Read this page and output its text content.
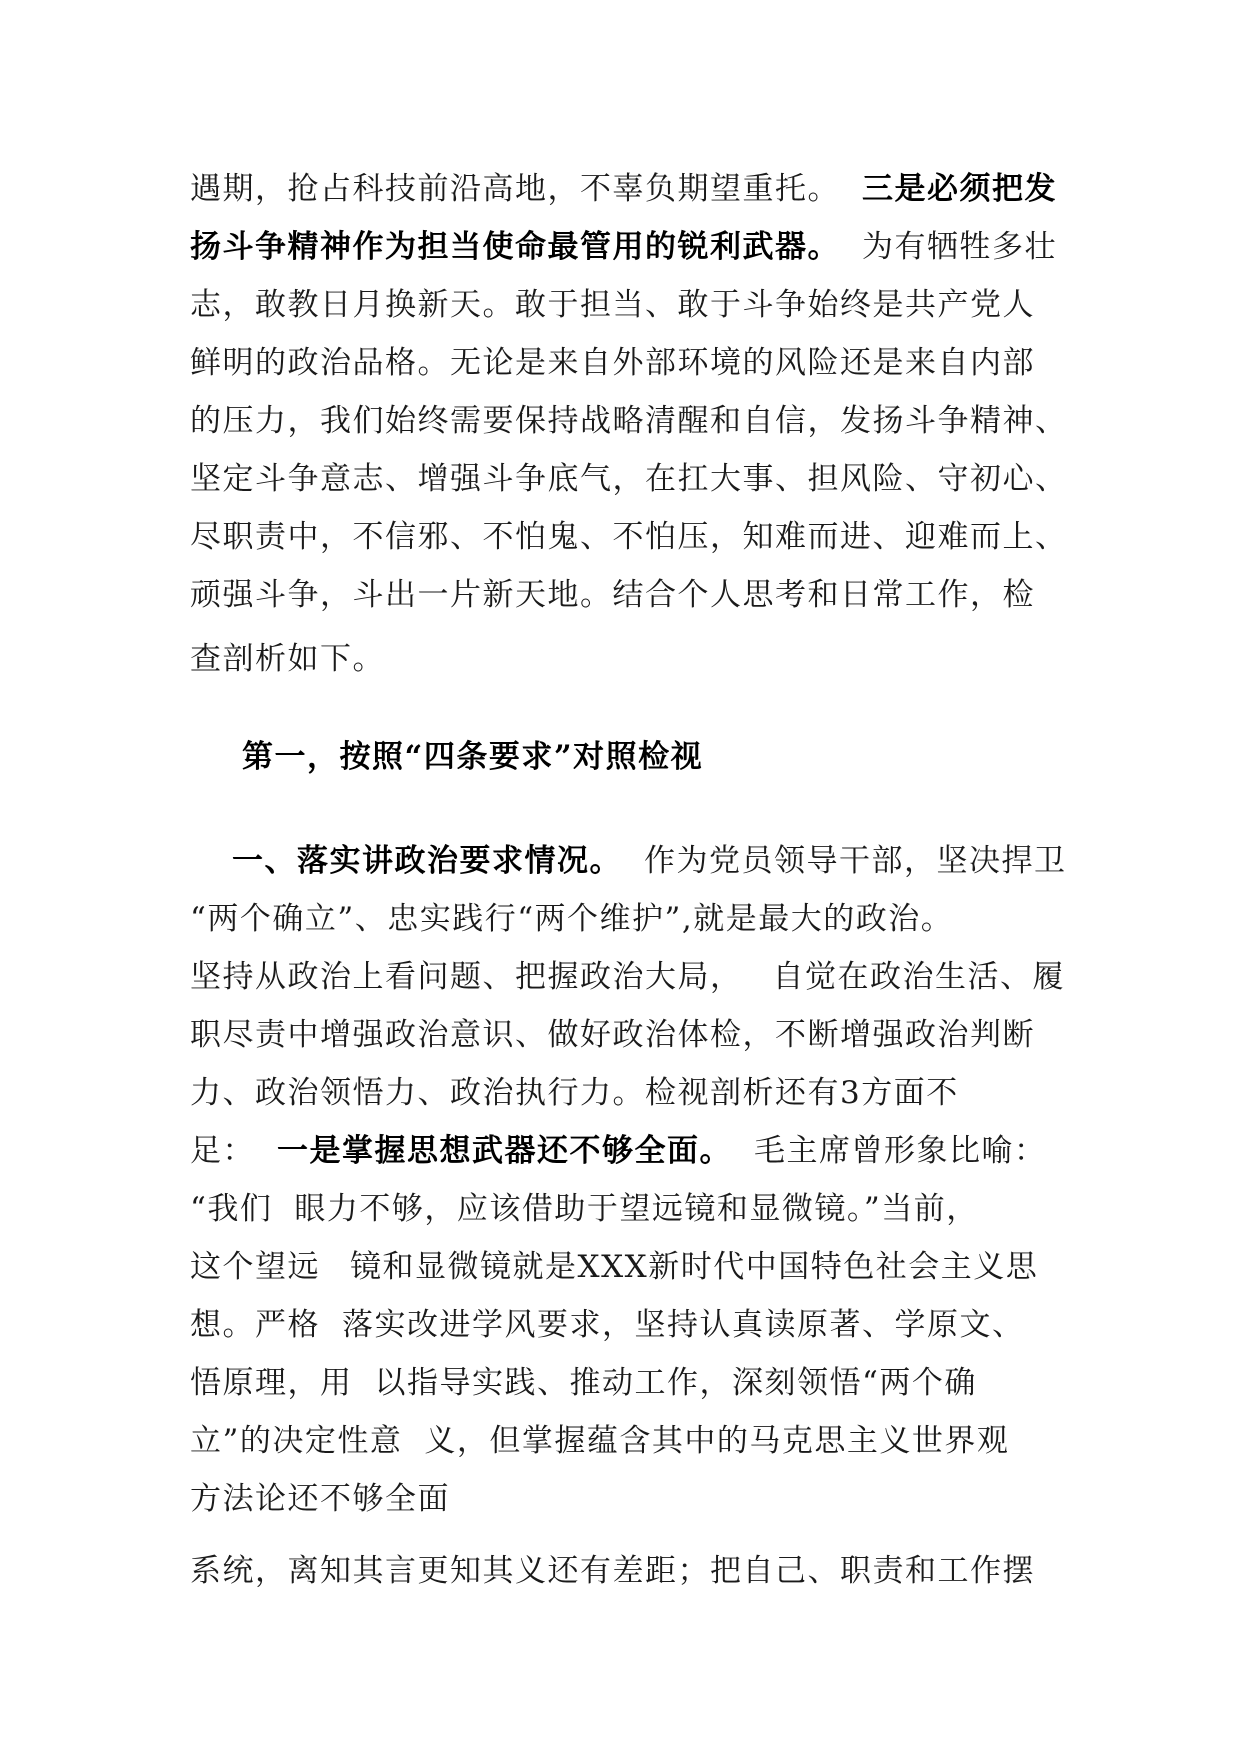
遇期，抢占科技前沿高地，不辜负期望重托。 三是必须把发
扬斗争精神作为担当使命最管用的锐利武器。 为有牺牲多壮
志，敢教日月换新天。敢于担当、敢于斗争始终是共产党人
鲜明的政治品格。无论是来自外部环境的风险还是来自内部
的压力，我们始终需要保持战略清醒和自信，发扬斗争精神、
坚定斗争意志、增强斗争底气，在扛大事、担风险、守初心、
尽职责中，不信邪、不怕鬼、不怕压，知难而进、迎难而上、
顽强斗争，斗出一片新天地。结合个人思考和日常工作，检
查剖析如下。
第一，按照“四条要求”对照检视
一、落实讲政治要求情况。 作为党员领导干部，坚决捍卫
“两个确立”、忠实践行“两个维护”,就是最大的政治。
坚持从政治上看问题、把握政治大局， 自觉在政治生活、履
职尽责中增强政治意识、做好政治体检，不断增强政治判断
力、政治领悟力、政治执行力。检视剖析还有3方面不
足： 一是掌握思想武器还不够全面。 毛主席曾形象比喻：
“我们 眼力不够，应该借助于望远镜和显微镜。”当前，
这个望远 镜和显微镜就是XXX新时代中国特色社会主义思
想。严格 落实改进学风要求，坚持认真读原著、学原文、
悟原理，用 以指导实践、推动工作，深刻领悟“两个确
立”的决定性意 义，但掌握蕴含其中的马克思主义世界观
方法论还不够全面
系统，离知其言更知其义还有差距；把自己、职责和工作摆
